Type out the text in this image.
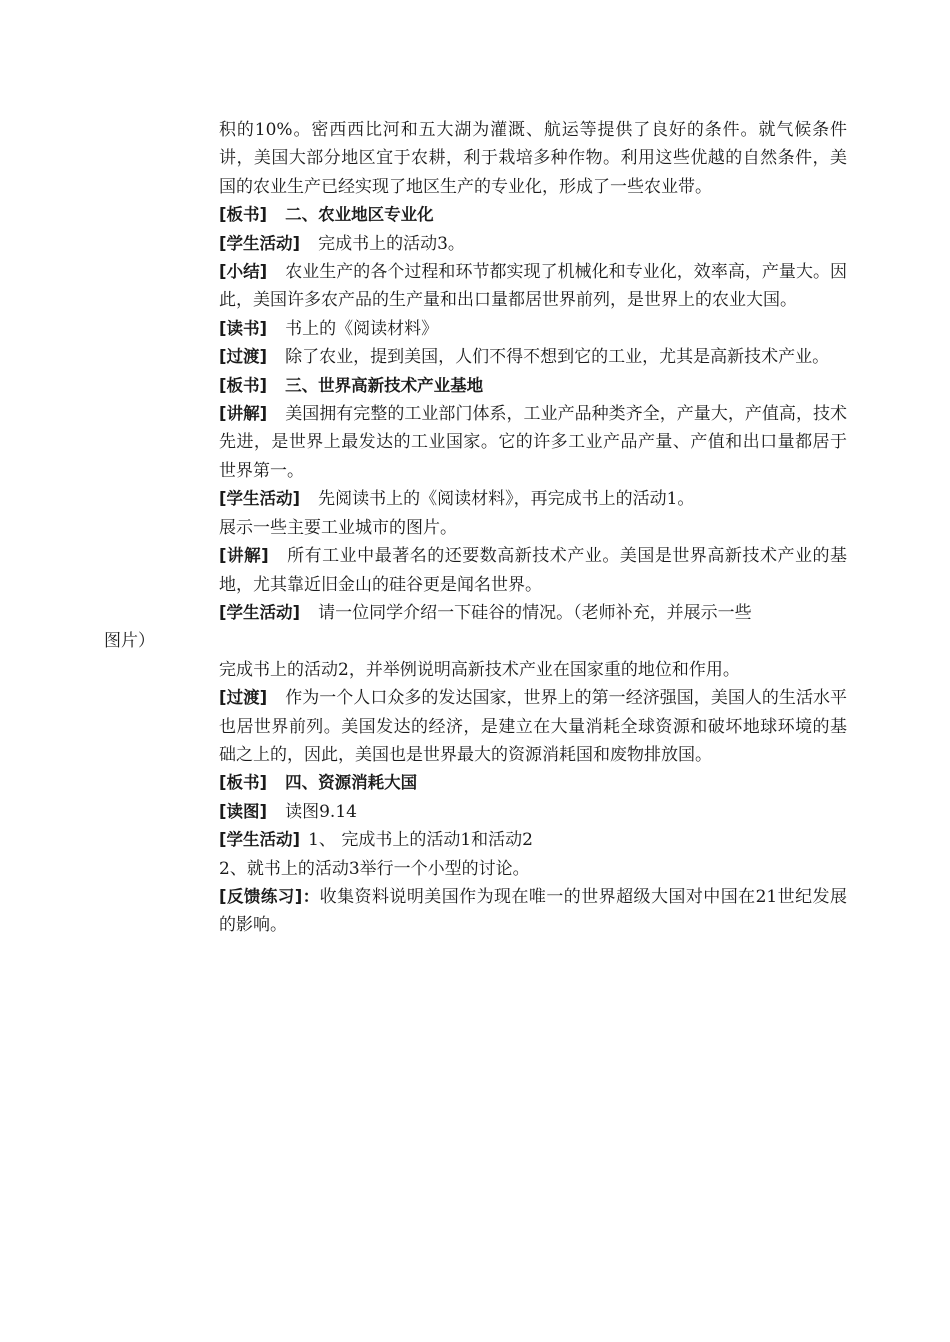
积的10%。密西西比河和五大湖为灌溉、航运等提供了良好的条件。就气候条件讲，美国大部分地区宜于农耕，利于栽培多种作物。利用这些优越的自然条件，美国的农业生产已经实现了地区生产的专业化，形成了一些农业带。

[板书] 二、农业地区专业化

[学生活动] 完成书上的活动3。

[小结] 农业生产的各个过程和环节都实现了机械化和专业化，效率高，产量大。因此，美国许多农产品的生产量和出口量都居世界前列，是世界上的农业大国。

[读书] 书上的《阅读材料》

[过渡] 除了农业，提到美国，人们不得不想到它的工业，尤其是高新技术产业。

[板书] 三、世界高新技术产业基地

[讲解] 美国拥有完整的工业部门体系，工业产品种类齐全，产量大，产值高，技术先进，是世界上最发达的工业国家。它的许多工业产品产量、产值和出口量都居于世界第一。

[学生活动] 先阅读书上的《阅读材料》，再完成书上的活动1。

展示一些主要工业城市的图片。

[讲解] 所有工业中最著名的还要数高新技术产业。美国是世界高新技术产业的基地，尤其靠近旧金山的硅谷更是闻名世界。

[学生活动] 请一位同学介绍一下硅谷的情况。（老师补充，并展示一些
图片）

完成书上的活动2，并举例说明高新技术产业在国家重的地位和作用。

[过渡] 作为一个人口众多的发达国家，世界上的第一经济强国，美国人的生活水平也居世界前列。美国发达的经济，是建立在大量消耗全球资源和破坏地球环境的基础之上的，因此，美国也是世界最大的资源消耗国和废物排放国。

[板书] 四、资源消耗大国

[读图] 读图9.14

[学生活动] 1、 完成书上的活动1和活动2

2、就书上的活动3举行一个小型的讨论。

[反馈练习]：收集资料说明美国作为现在唯一的世界超级大国对中国在21世纪发展的影响。
